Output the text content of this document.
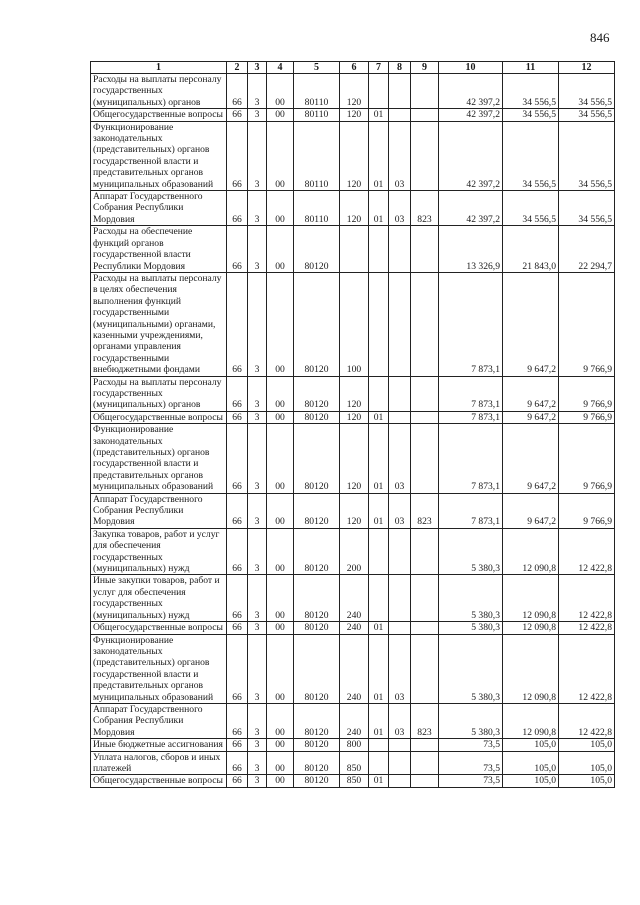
846
1	2	3	4	5	6	7	8	9	10	11	12
Расходы на выплаты персоналу государственных (муниципальных) органов	66	3	00	80110	120				42 397,2	34 556,5	34 556,5
Общегосударственные вопросы	66	3	00	80110	120	01			42 397,2	34 556,5	34 556,5
Функционирование законодательных (представительных) органов государственной власти и представительных органов муниципальных образований	66	3	00	80110	120	01	03		42 397,2	34 556,5	34 556,5
Аппарат Государственного Собрания Республики Мордовия	66	3	00	80110	120	01	03	823	42 397,2	34 556,5	34 556,5
Расходы на обеспечение функций органов государственной власти Республики Мордовия	66	3	00	80120					13 326,9	21 843,0	22 294,7
Расходы на выплаты персоналу в целях обеспечения выполнения функций государственными (муниципальными) органами, казенными учреждениями, органами управления государственными внебюджетными фондами	66	3	00	80120	100				7 873,1	9 647,2	9 766,9
Расходы на выплаты персоналу государственных (муниципальных) органов	66	3	00	80120	120				7 873,1	9 647,2	9 766,9
Общегосударственные вопросы	66	3	00	80120	120	01			7 873,1	9 647,2	9 766,9
Функционирование законодательных (представительных) органов государственной власти и представительных органов муниципальных образований	66	3	00	80120	120	01	03		7 873,1	9 647,2	9 766,9
Аппарат Государственного Собрания Республики Мордовия	66	3	00	80120	120	01	03	823	7 873,1	9 647,2	9 766,9
Закупка товаров, работ и услуг для обеспечения государственных (муниципальных) нужд	66	3	00	80120	200				5 380,3	12 090,8	12 422,8
Иные закупки товаров, работ и услуг для обеспечения государственных (муниципальных) нужд	66	3	00	80120	240				5 380,3	12 090,8	12 422,8
Общегосударственные вопросы	66	3	00	80120	240	01			5 380,3	12 090,8	12 422,8
Функционирование законодательных (представительных) органов государственной власти и представительных органов муниципальных образований	66	3	00	80120	240	01	03		5 380,3	12 090,8	12 422,8
Аппарат Государственного Собрания Республики Мордовия	66	3	00	80120	240	01	03	823	5 380,3	12 090,8	12 422,8
Иные бюджетные ассигнования	66	3	00	80120	800				73,5	105,0	105,0
Уплата налогов, сборов и иных платежей	66	3	00	80120	850				73,5	105,0	105,0
Общегосударственные вопросы	66	3	00	80120	850	01			73,5	105,0	105,0
